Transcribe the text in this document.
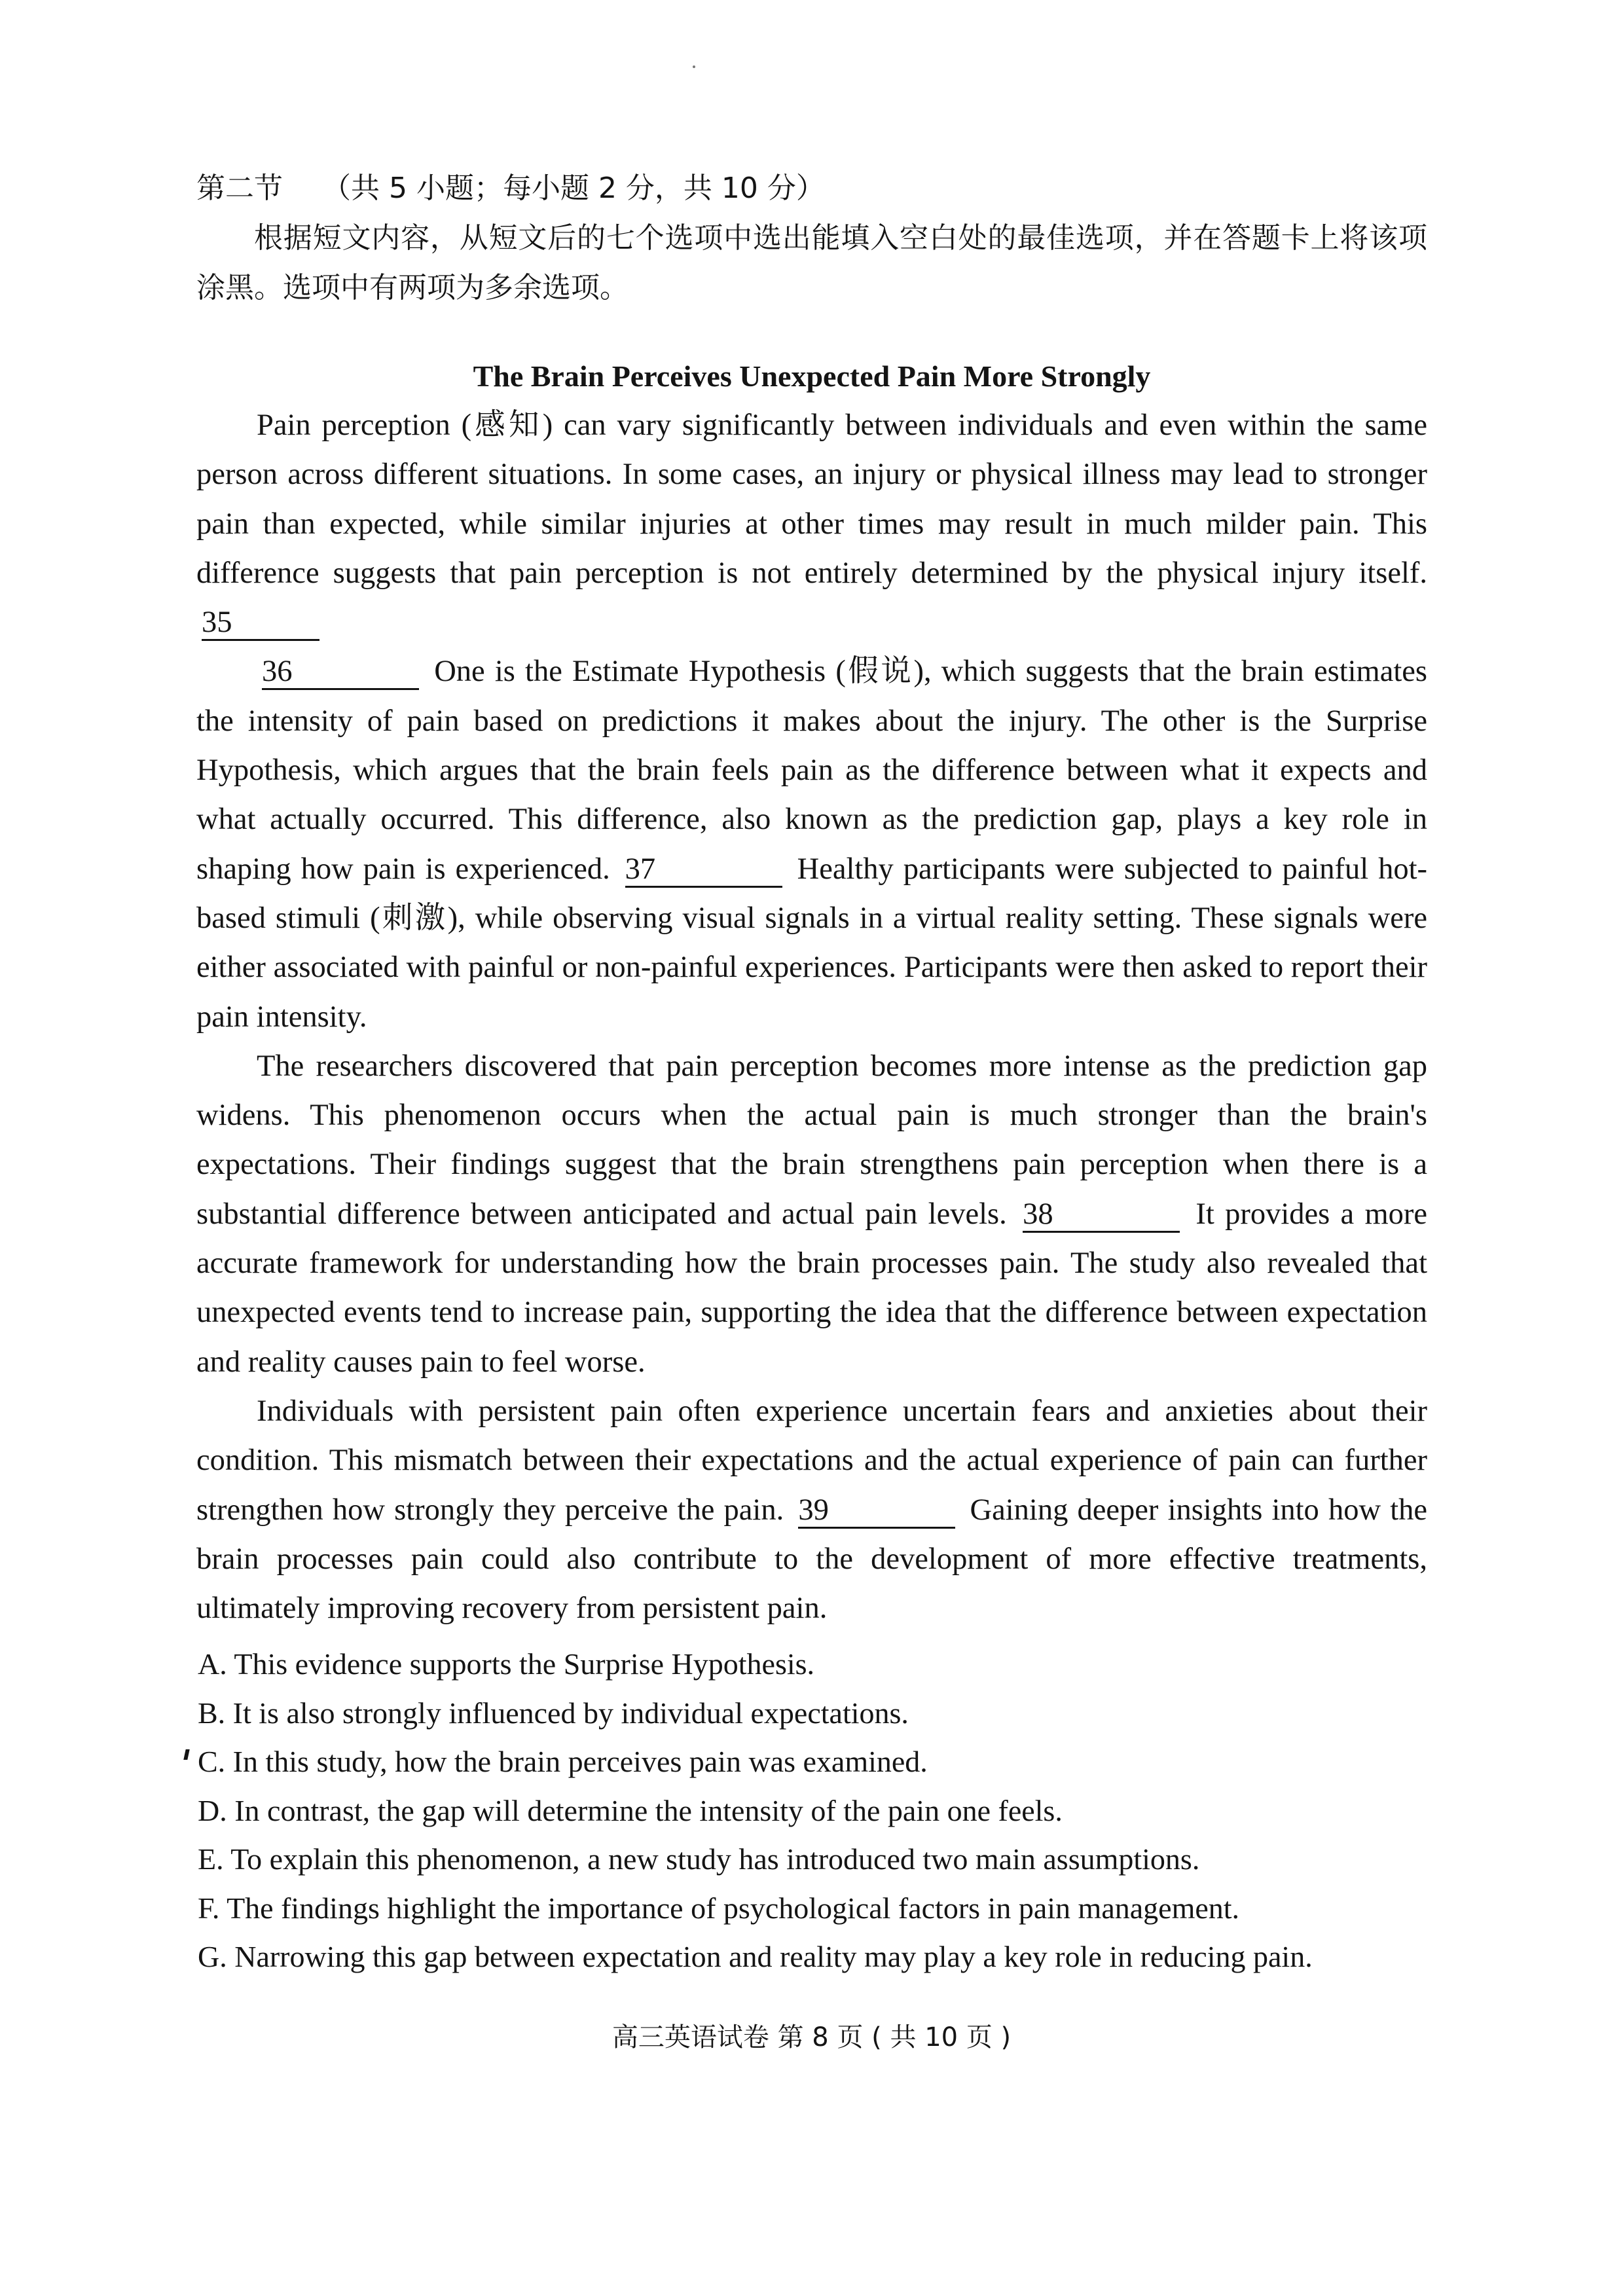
第二节 （共 5 小题；每小题 2 分，共 10 分）
根据短文内容，从短文后的七个选项中选出能填入空白处的最佳选项，并在答题卡上将该项涂黑。选项中有两项为多余选项。
The Brain Perceives Unexpected Pain More Strongly

Pain perception (感知) can vary significantly between individuals and even within the same person across different situations. In some cases, an injury or physical illness may lead to stronger pain than expected, while similar injuries at other times may result in much milder pain. This difference suggests that pain perception is not entirely determined by the physical injury itself. 35

36	One is the Estimate Hypothesis (假说), which suggests that the brain estimates the intensity of pain based on predictions it makes about the injury. The other is the Surprise Hypothesis, which argues that the brain feels pain as the difference between what it expects and what actually occurred. This difference, also known as the prediction gap, plays a key role in shaping how pain is experienced. 37	Healthy participants were subjected to painful hot-based stimuli (刺激), while observing visual signals in a virtual reality setting. These signals were either associated with painful or non-painful experiences. Participants were then asked to report their pain intensity.

The researchers discovered that pain perception becomes more intense as the prediction gap widens. This phenomenon occurs when the actual pain is much stronger than the brain's expectations. Their findings suggest that the brain strengthens pain perception when there is a substantial difference between anticipated and actual pain levels. 38	It provides a more accurate framework for understanding how the brain processes pain. The study also revealed that unexpected events tend to increase pain, supporting the idea that the difference between expectation and reality causes pain to feel worse.

Individuals with persistent pain often experience uncertain fears and anxieties about their condition. This mismatch between their expectations and the actual experience of pain can further strengthen how strongly they perceive the pain. 39	Gaining deeper insights into how the brain processes pain could also contribute to the development of more effective treatments, ultimately improving recovery from persistent pain.

A. This evidence supports the Surprise Hypothesis.
B. It is also strongly influenced by individual expectations.
C. In this study, how the brain perceives pain was examined.
D. In contrast, the gap will determine the intensity of the pain one feels.
E. To explain this phenomenon, a new study has introduced two main assumptions.
F. The findings highlight the importance of psychological factors in pain management.
G. Narrowing this gap between expectation and reality may play a key role in reducing pain.
高三英语试卷 第 8 页 ( 共 10 页 )
